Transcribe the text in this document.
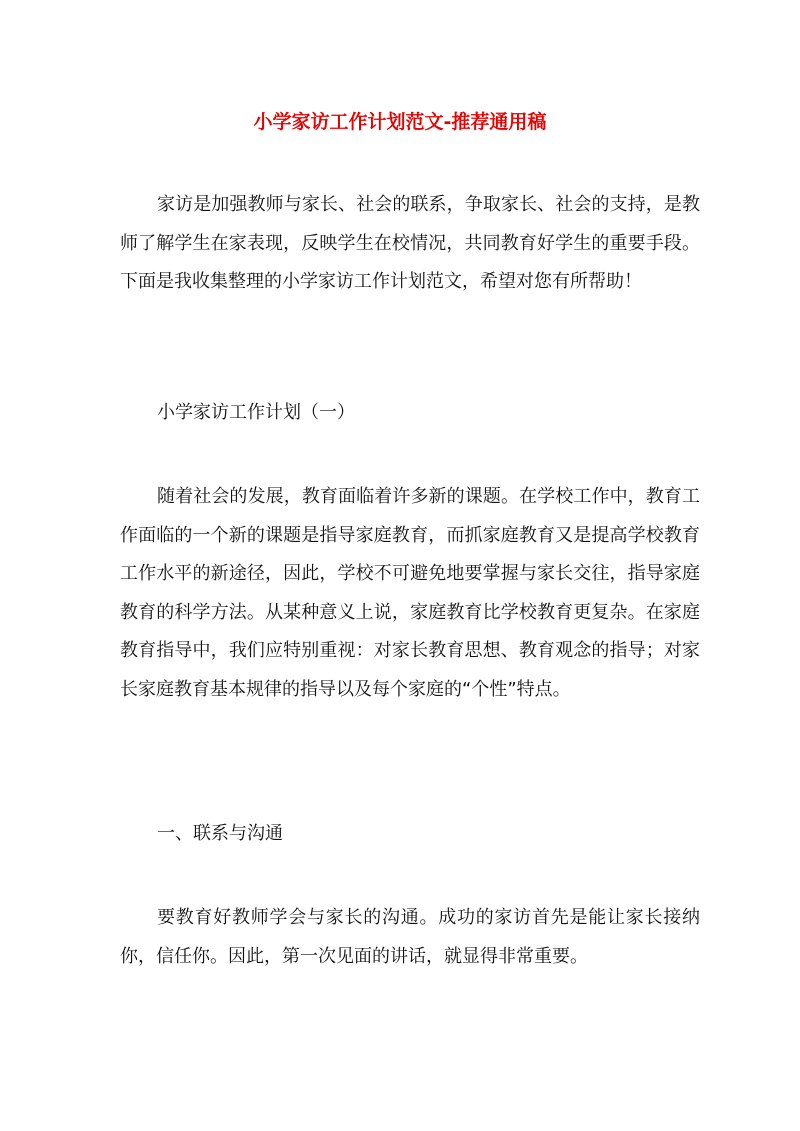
小学家访工作计划范文-推荐通用稿

家访是加强教师与家长、社会的联系，争取家长、社会的支持，是教师了解学生在家表现，反映学生在校情况，共同教育好学生的重要手段。下面是我收集整理的小学家访工作计划范文，希望对您有所帮助！

小学家访工作计划（一）

随着社会的发展，教育面临着许多新的课题。在学校工作中，教育工作面临的一个新的课题是指导家庭教育，而抓家庭教育又是提高学校教育工作水平的新途径，因此，学校不可避免地要掌握与家长交往，指导家庭教育的科学方法。从某种意义上说，家庭教育比学校教育更复杂。在家庭教育指导中，我们应特别重视：对家长教育思想、教育观念的指导；对家长家庭教育基本规律的指导以及每个家庭的“个性”特点。

一、联系与沟通

要教育好教师学会与家长的沟通。成功的家访首先是能让家长接纳你，信任你。因此，第一次见面的讲话，就显得非常重要。
